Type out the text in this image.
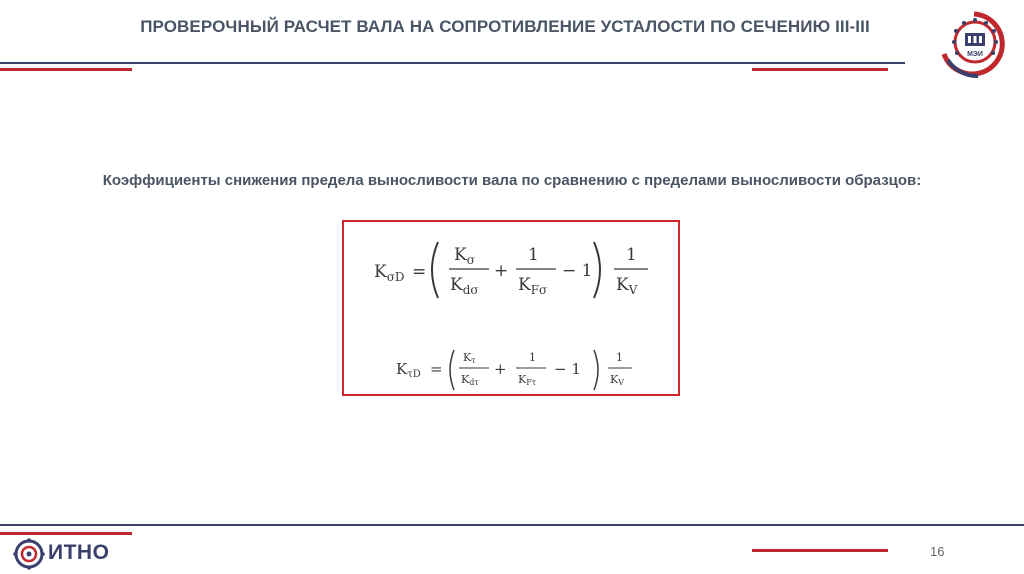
ПРОВЕРОЧНЫЙ РАСЧЕТ ВАЛА НА СОПРОТИВЛЕНИЕ УСТАЛОСТИ ПО СЕЧЕНИЮ III-III
МЭИ
Коэффициенты снижения предела выносливости вала по сравнению с пределами выносливости образцов:
$K_{\sigma D}$ =
$K_\sigma$
$K_{d\sigma}$
+
1
$K_{F\sigma}$
− 1
1
$K_V$
$K_{\tau D}$ =
Kτ
Kdτ
+
1
KFτ
− 1
1
KV
ИТНО	16
